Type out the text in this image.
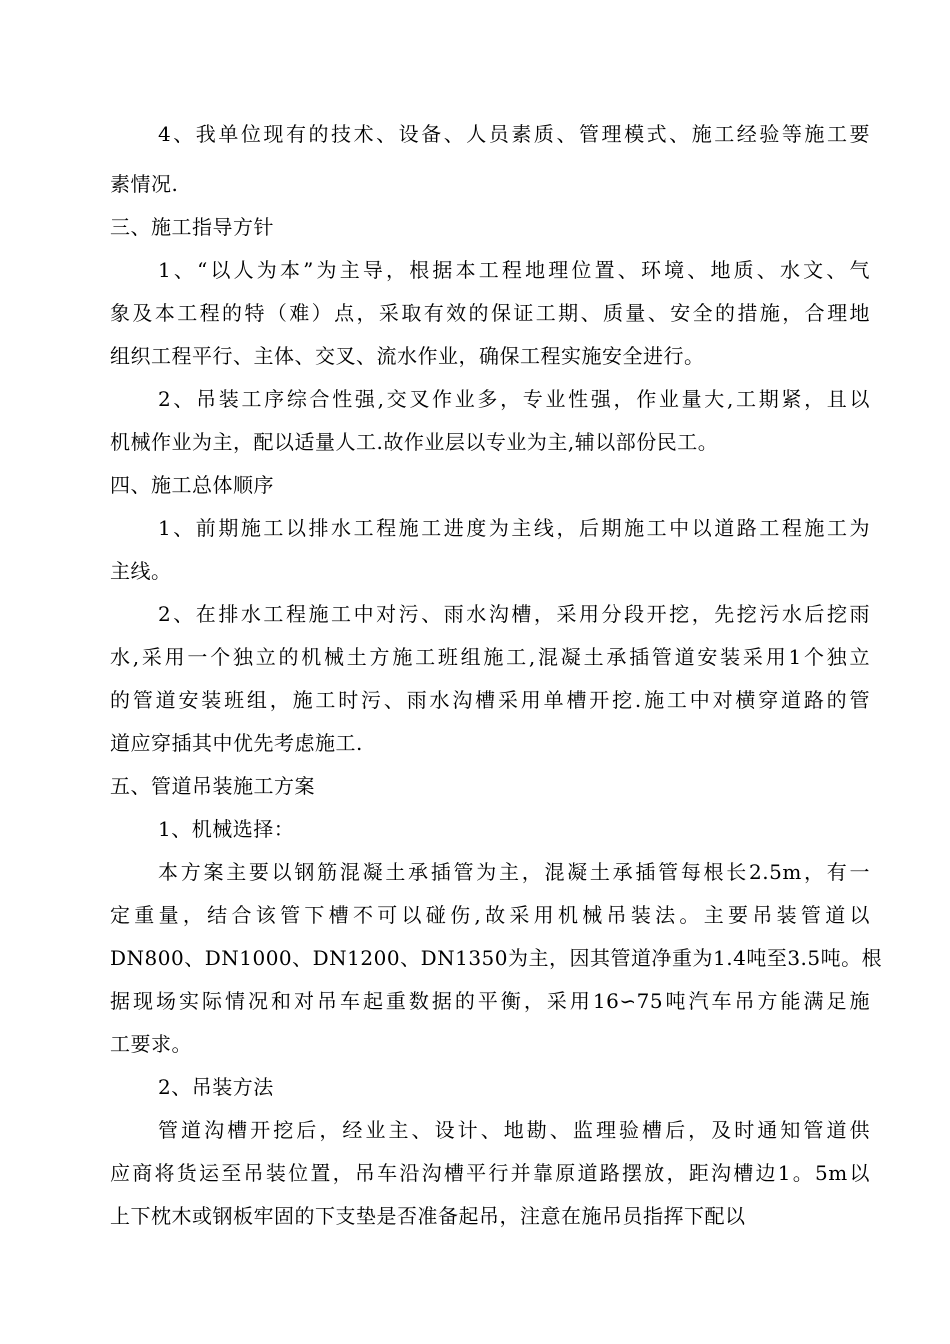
4、我单位现有的技术、设备、人员素质、管理模式、施工经验等施工要
素情况.
三、施工指导方针
1、“以人为本”为主导，根据本工程地理位置、环境、地质、水文、气
象及本工程的特（难）点，采取有效的保证工期、质量、安全的措施，合理地
组织工程平行、主体、交叉、流水作业，确保工程实施安全进行。
2、吊装工序综合性强,交叉作业多，专业性强，作业量大,工期紧，且以
机械作业为主，配以适量人工.故作业层以专业为主,辅以部份民工。
四、施工总体顺序
1、前期施工以排水工程施工进度为主线，后期施工中以道路工程施工为
主线。
2、在排水工程施工中对污、雨水沟槽，采用分段开挖，先挖污水后挖雨
水,采用一个独立的机械土方施工班组施工,混凝土承插管道安装采用1个独立
的管道安装班组，施工时污、雨水沟槽采用单槽开挖.施工中对横穿道路的管
道应穿插其中优先考虑施工.
五、管道吊装施工方案
1、机械选择：
本方案主要以钢筋混凝土承插管为主，混凝土承插管每根长2.5m，有一
定重量，结合该管下槽不可以碰伤,故采用机械吊装法。主要吊装管道以
DN800、DN1000、DN1200、DN1350为主，因其管道净重为1.4吨至3.5吨。根
据现场实际情况和对吊车起重数据的平衡，采用16∽75吨汽车吊方能满足施
工要求。
2、吊装方法
管道沟槽开挖后，经业主、设计、地勘、监理验槽后，及时通知管道供
应商将货运至吊装位置，吊车沿沟槽平行并靠原道路摆放，距沟槽边1。5m以
上下枕木或钢板牢固的下支垫是否准备起吊，注意在施吊员指挥下配以
